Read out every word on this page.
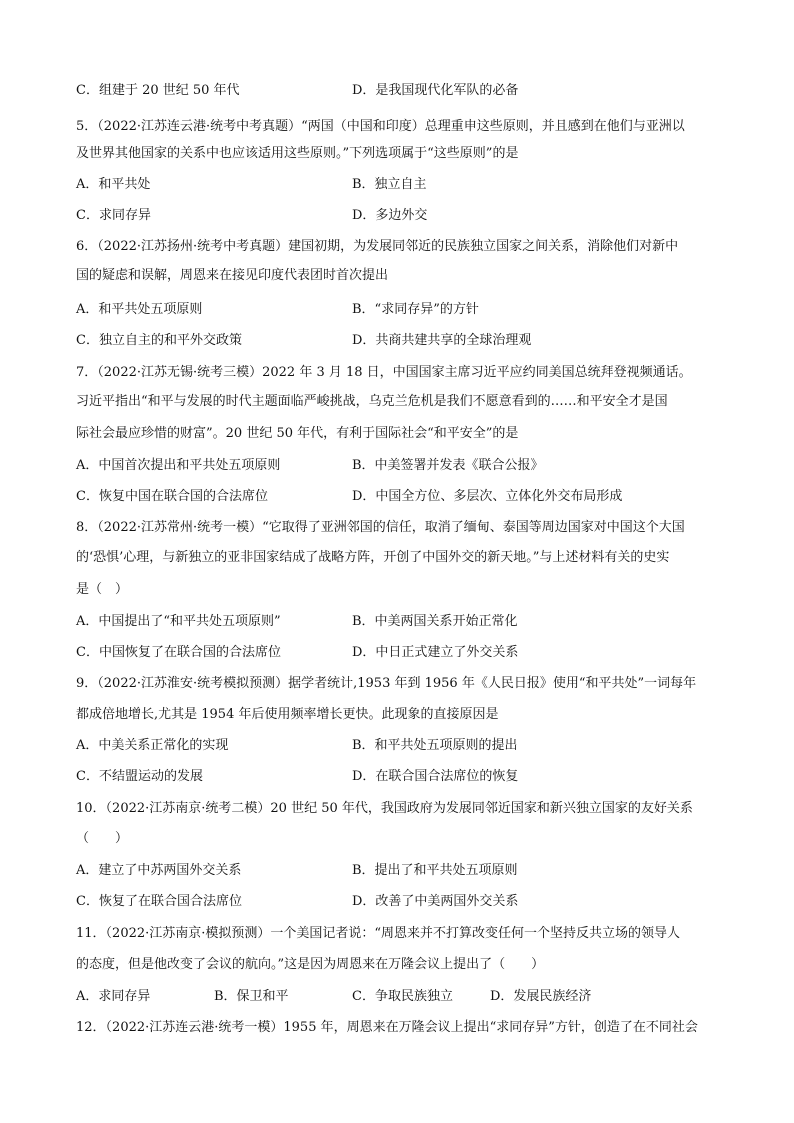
C．组建于 20 世纪 50 年代	D．是我国现代化军队的必备
5．（2022·江苏连云港·统考中考真题）“两国（中国和印度）总理重申这些原则，并且感到在他们与亚洲以
及世界其他国家的关系中也应该适用这些原则。”下列选项属于“这些原则”的是
A．和平共处	B．独立自主
C．求同存异	D．多边外交
6．（2022·江苏扬州·统考中考真题）建国初期，为发展同邻近的民族独立国家之间关系，消除他们对新中
国的疑虑和误解，周恩来在接见印度代表团时首次提出
A．和平共处五项原则	B．“求同存异”的方针
C．独立自主的和平外交政策	D．共商共建共享的全球治理观
7．（2022·江苏无锡·统考三模）2022 年 3 月 18 日，中国国家主席习近平应约同美国总统拜登视频通话。
习近平指出“和平与发展的时代主题面临严峻挑战，乌克兰危机是我们不愿意看到的……和平安全才是国
际社会最应珍惜的财富”。20 世纪 50 年代，有利于国际社会“和平安全”的是
A．中国首次提出和平共处五项原则	B．中美签署并发表《联合公报》
C．恢复中国在联合国的合法席位	D．中国全方位、多层次、立体化外交布局形成
8．（2022·江苏常州·统考一模）“它取得了亚洲邻国的信任，取消了缅甸、泰国等周边国家对中国这个大国
的‘恐惧’心理，与新独立的亚非国家结成了战略方阵，开创了中国外交的新天地。”与上述材料有关的史实
是（　）
A．中国提出了“和平共处五项原则”	B．中美两国关系开始正常化
C．中国恢复了在联合国的合法席位	D．中日正式建立了外交关系
9．（2022·江苏淮安·统考模拟预测）据学者统计,1953 年到 1956 年《人民日报》使用“和平共处”一词每年
都成倍地增长,尤其是 1954 年后使用频率增长更快。此现象的直接原因是
A．中美关系正常化的实现	B．和平共处五项原则的提出
C．不结盟运动的发展	D．在联合国合法席位的恢复
10．（2022·江苏南京·统考二模）20 世纪 50 年代，我国政府为发展同邻近国家和新兴独立国家的友好关系
（　　）
A．建立了中苏两国外交关系	B．提出了和平共处五项原则
C．恢复了在联合国合法席位	D．改善了中美两国外交关系
11．（2022·江苏南京·模拟预测）一个美国记者说：“周恩来并不打算改变任何一个坚持反共立场的领导人
的态度，但是他改变了会议的航向。”这是因为周恩来在万隆会议上提出了（　　）
A．求同存异	B．保卫和平	C．争取民族独立	D．发展民族经济
12．（2022·江苏连云港·统考一模）1955 年，周恩来在万隆会议上提出“求同存异”方针，创造了在不同社会
